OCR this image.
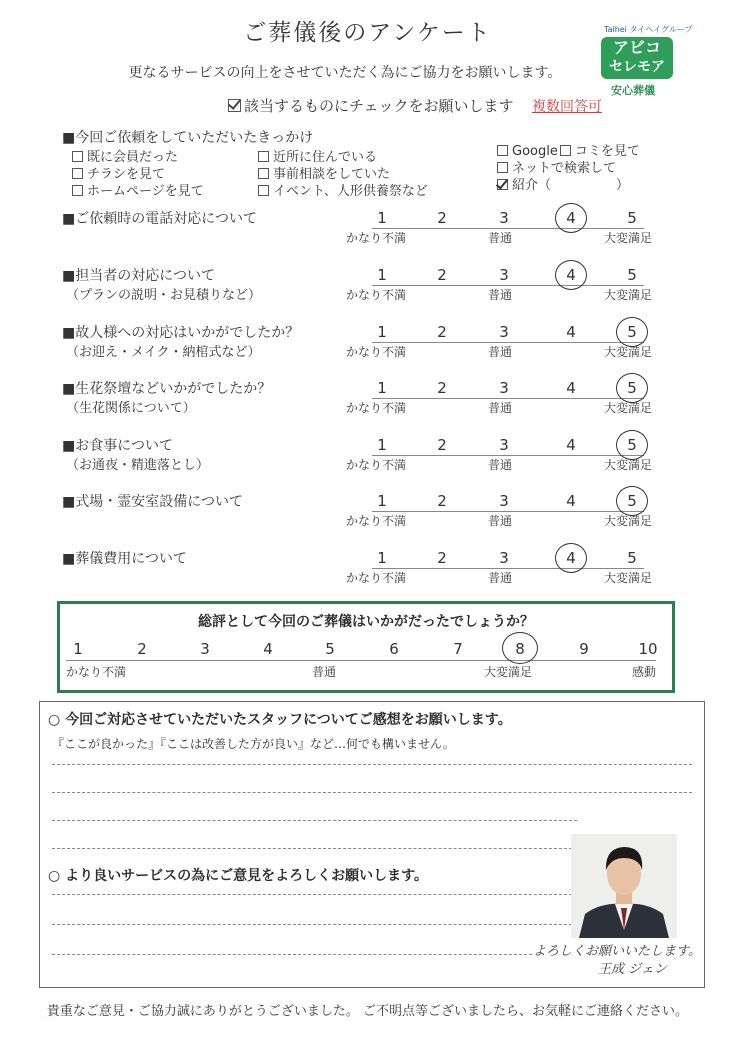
ご葬儀後のアンケート
更なるサービスの向上をさせていただく為にご協力をお願いします。
該当するものにチェックをお願いします 複数回答可
Taihei タイヘイグループ
アビコ
セレモア
安心葬儀
■今回ご依頼をしていただいたきっかけ
既に会員だった
チラシを見て
ホームページを見て
近所に住んでいる
事前相談をしていた
イベント、人形供養祭など
Google コミを見て
ネットで検索して
紹介（　　　　　）
■ご依頼時の電話対応について	1	2	3	4	5
かなり不満	普通	大変満足
■担当者の対応について
（プランの説明・お見積りなど）
1	2	3	4	5
かなり不満	普通	大変満足
■故人様への対応はいかがでしたか？
（お迎え・メイク・納棺式など）
1	2	3	4	5
かなり不満	普通	大変満足
■生花祭壇などいかがでしたか？
（生花関係について）
1	2	3	4	5
かなり不満	普通	大変満足
■お食事について
（お通夜・精進落とし）
1	2	3	4	5
かなり不満	普通	大変満足
■式場・霊安室設備について	1	2	3	4	5
かなり不満	普通	大変満足
■葬儀費用について	1	2	3	4	5
かなり不満	普通	大変満足
総評として今回のご葬儀はいかがだったでしょうか？
1	2	3	4	5	6	7	8	9	10
かなり不満	普通	大変満足	感動
○ 今回ご対応させていただいたスタッフについてご感想をお願いします。
『ここが良かった』『ここは改善した方が良い』など…何でも構いません。
○ より良いサービスの為にご意見をよろしくお願いします。
よろしくお願いいたします。
王成 ジェン
貴重なご意見・ご協力誠にありがとうございました。 ご不明点等ございましたら、お気軽にご連絡ください。
